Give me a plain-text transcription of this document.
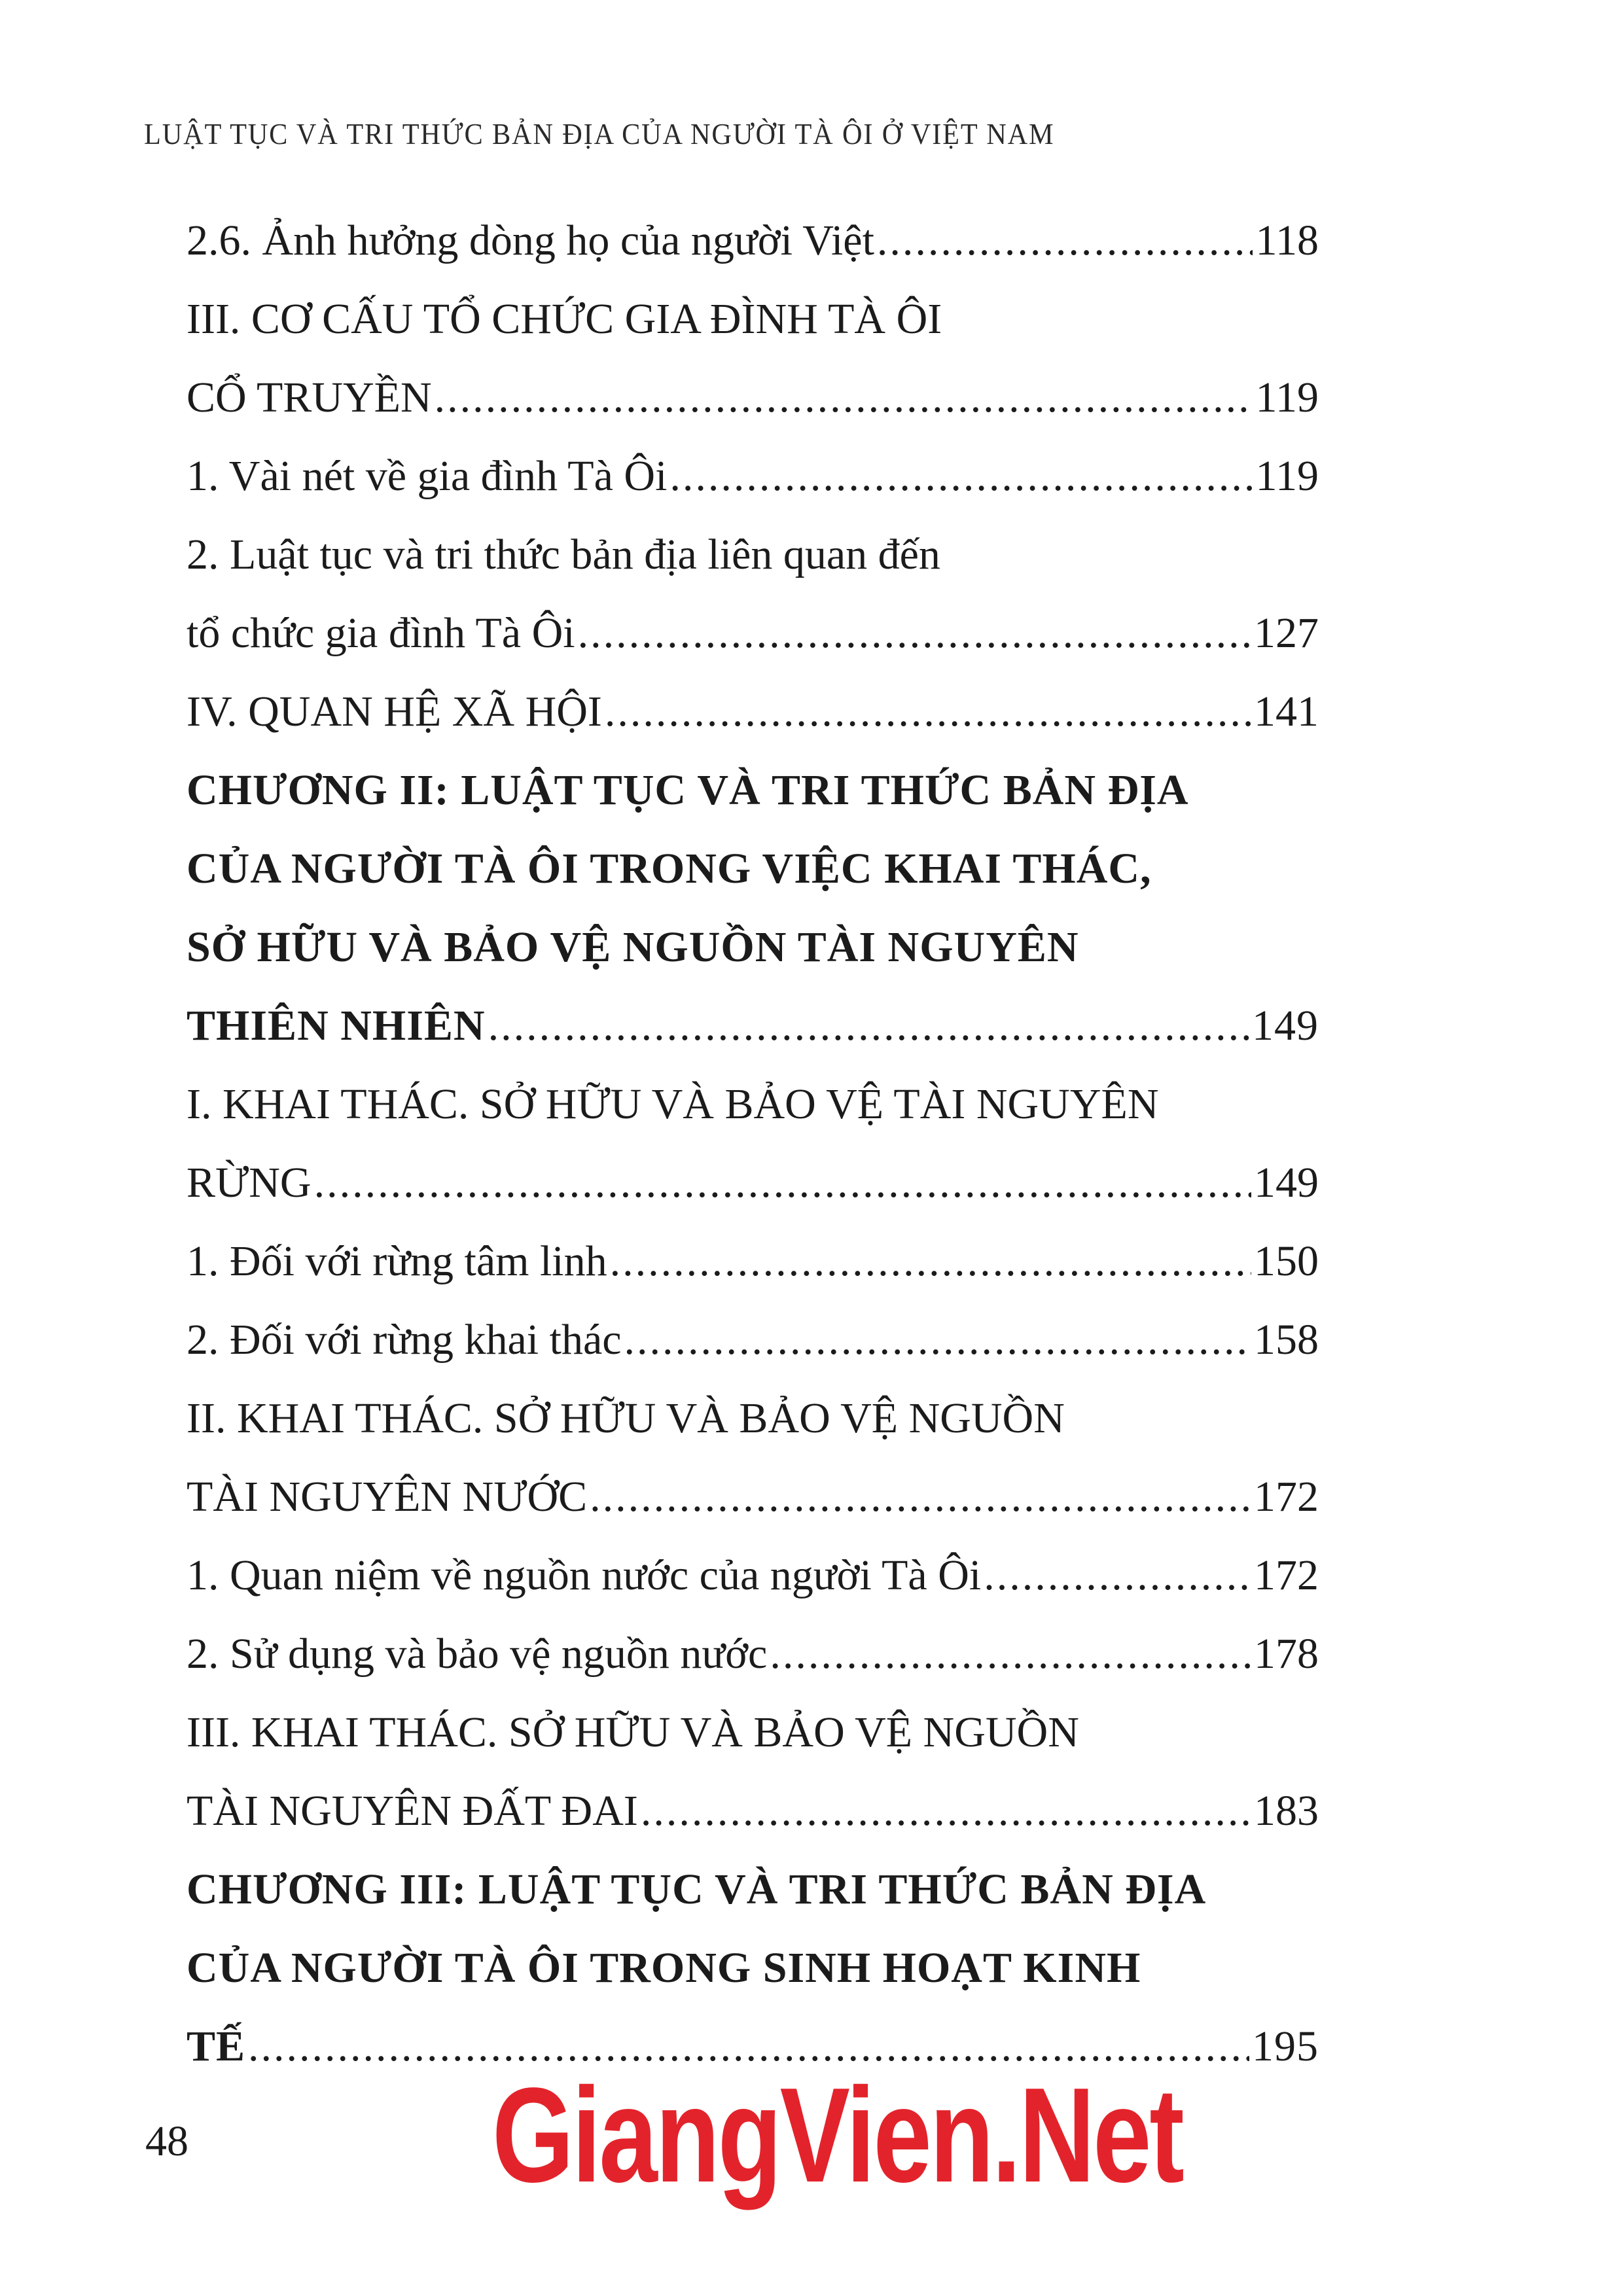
LUẬT TỤC VÀ TRI THỨC BẢN ĐỊA CỦA NGƯỜI TÀ ÔI Ở VIỆT NAM
2.6. Ảnh hưởng dòng họ của người Việt .....	118
III. CƠ CẤU TỔ CHỨC GIA ĐÌNH TÀ ÔI
CỔ TRUYỀN .....	119
1. Vài nét về gia đình Tà Ôi .....	119
2. Luật tục và tri thức bản địa liên quan đến
tổ chức gia đình Tà Ôi .....	127
IV. QUAN HỆ XÃ HỘI .....	141
CHƯƠNG II: LUẬT TỤC VÀ TRI THỨC BẢN ĐỊA
CỦA NGƯỜI TÀ ÔI TRONG VIỆC KHAI THÁC,
SỞ HỮU VÀ BẢO VỆ NGUỒN TÀI NGUYÊN
THIÊN NHIÊN .....	149
I. KHAI THÁC. SỞ HỮU VÀ BẢO VỆ TÀI NGUYÊN
RỪNG .....	149
1. Đối với rừng tâm linh .....	150
2. Đối với rừng khai thác .....	158
II. KHAI THÁC. SỞ HỮU VÀ BẢO VỆ NGUỒN
TÀI NGUYÊN NƯỚC .....	172
1. Quan niệm về nguồn nước của người Tà Ôi .....	172
2. Sử dụng và bảo vệ nguồn nước .....	178
III. KHAI THÁC. SỞ HỮU VÀ BẢO VỆ NGUỒN
TÀI NGUYÊN ĐẤT ĐAI .....	183
CHƯƠNG III: LUẬT TỤC VÀ TRI THỨC BẢN ĐỊA
CỦA NGƯỜI TÀ ÔI TRONG SINH HOẠT KINH
TẾ .....	195
48 GiangVien.Net
